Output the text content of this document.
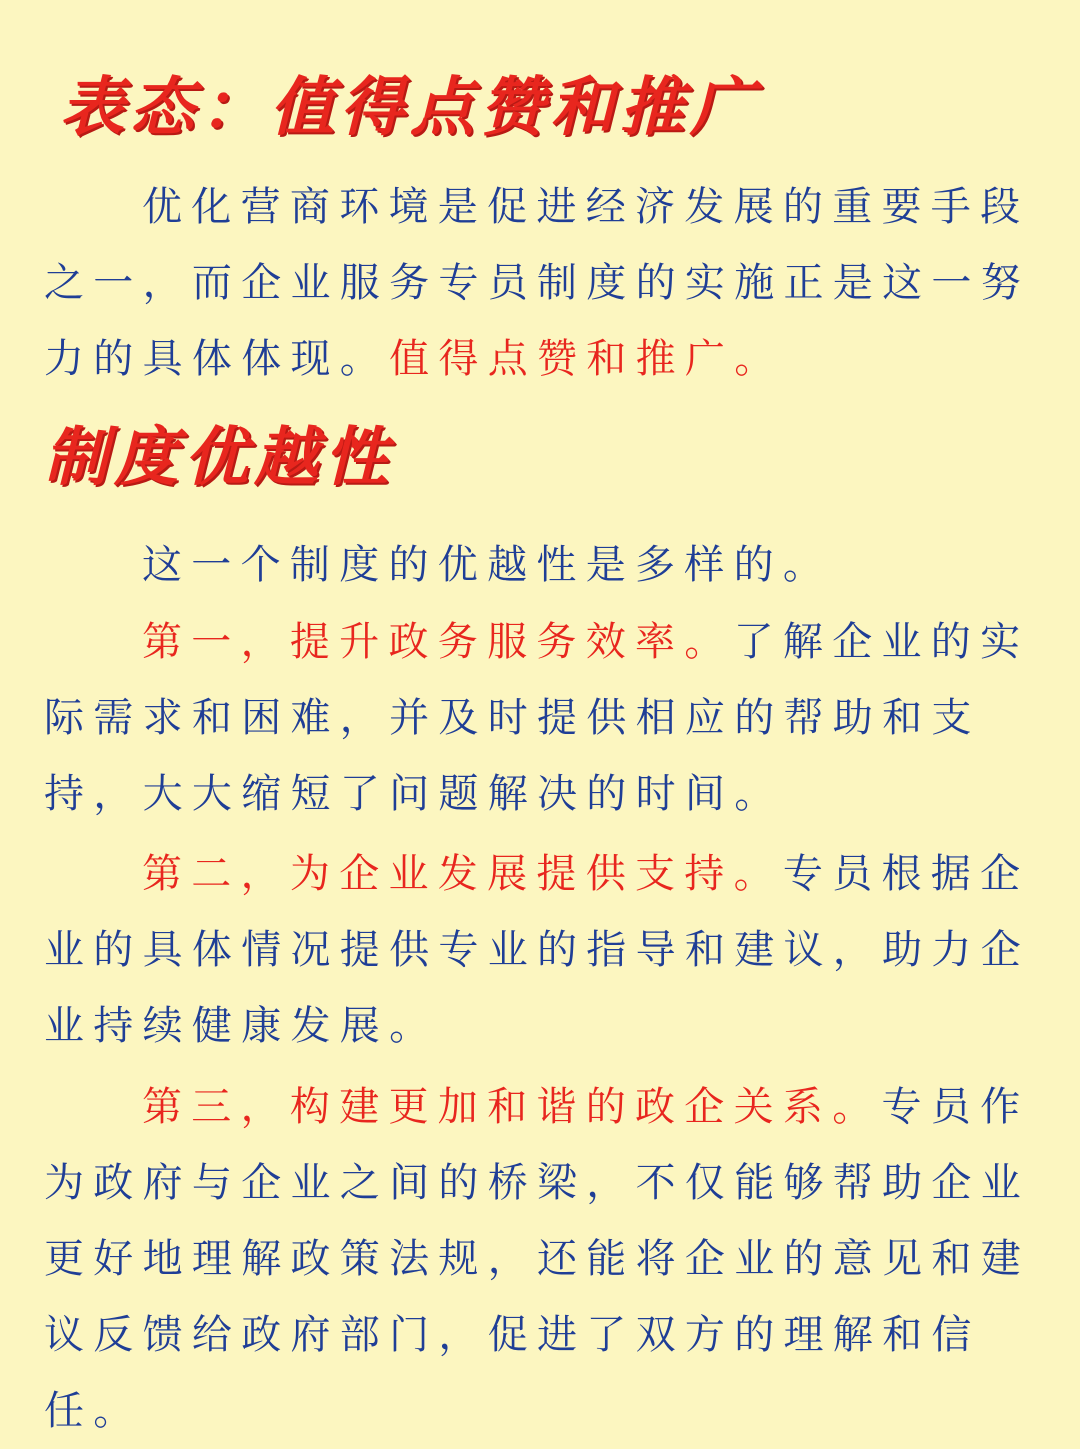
表态：值得点赞和推广
优化营商环境是促进经济发展的重要手段之一，而企业服务专员制度的实施正是这一努力的具体体现。值得点赞和推广。
制度优越性
这一个制度的优越性是多样的。
第一，提升政务服务效率。了解企业的实际需求和困难，并及时提供相应的帮助和支持，大大缩短了问题解决的时间。
第二，为企业发展提供支持。专员根据企业的具体情况提供专业的指导和建议，助力企业持续健康发展。
第三，构建更加和谐的政企关系。专员作为政府与企业之间的桥梁，不仅能够帮助企业更好地理解政策法规，还能将企业的意见和建议反馈给政府部门，促进了双方的理解和信任。
